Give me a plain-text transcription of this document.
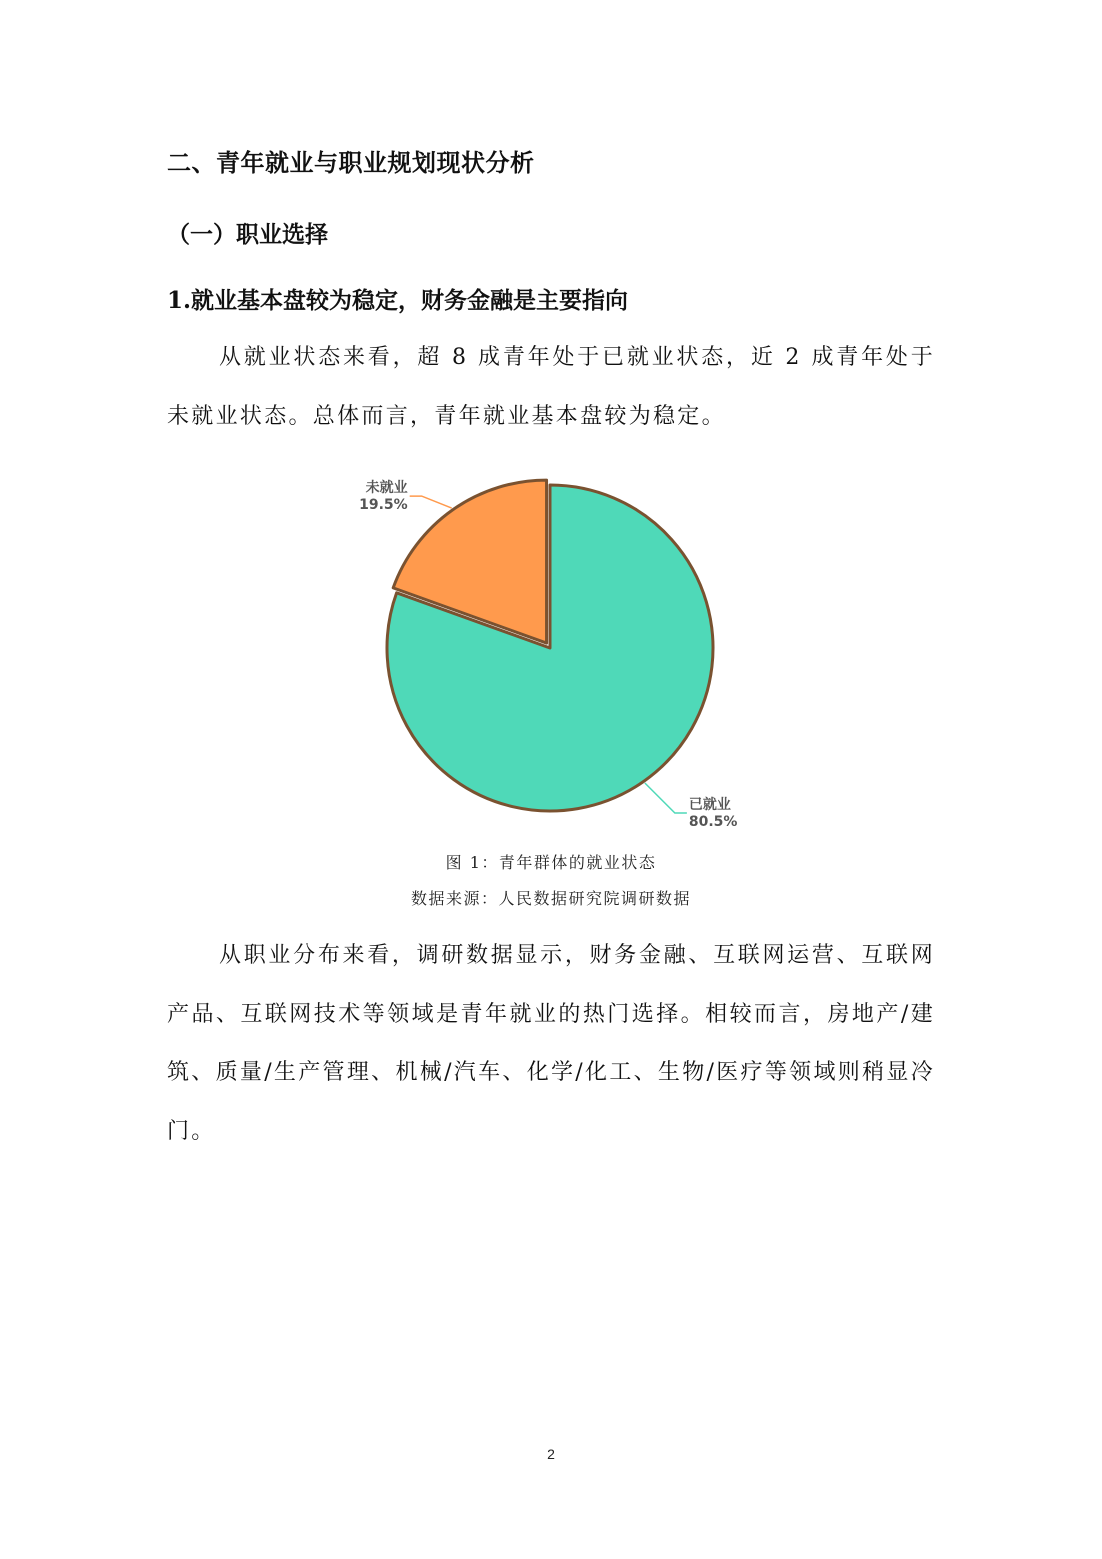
二、青年就业与职业规划现状分析
（一）职业选择
1.就业基本盘较为稳定，财务金融是主要指向

从就业状态来看，超 8 成青年处于已就业状态，近 2 成青年处于未就业状态。总体而言，青年就业基本盘较为稳定。

已就业
80.5%
未就业
19.5%
图 1：青年群体的就业状态
数据来源：人民数据研究院调研数据

从职业分布来看，调研数据显示，财务金融、互联网运营、互联网产品、互联网技术等领域是青年就业的热门选择。相较而言，房地产/建筑、质量/生产管理、机械/汽车、化学/化工、生物/医疗等领域则稍显冷门。

2
